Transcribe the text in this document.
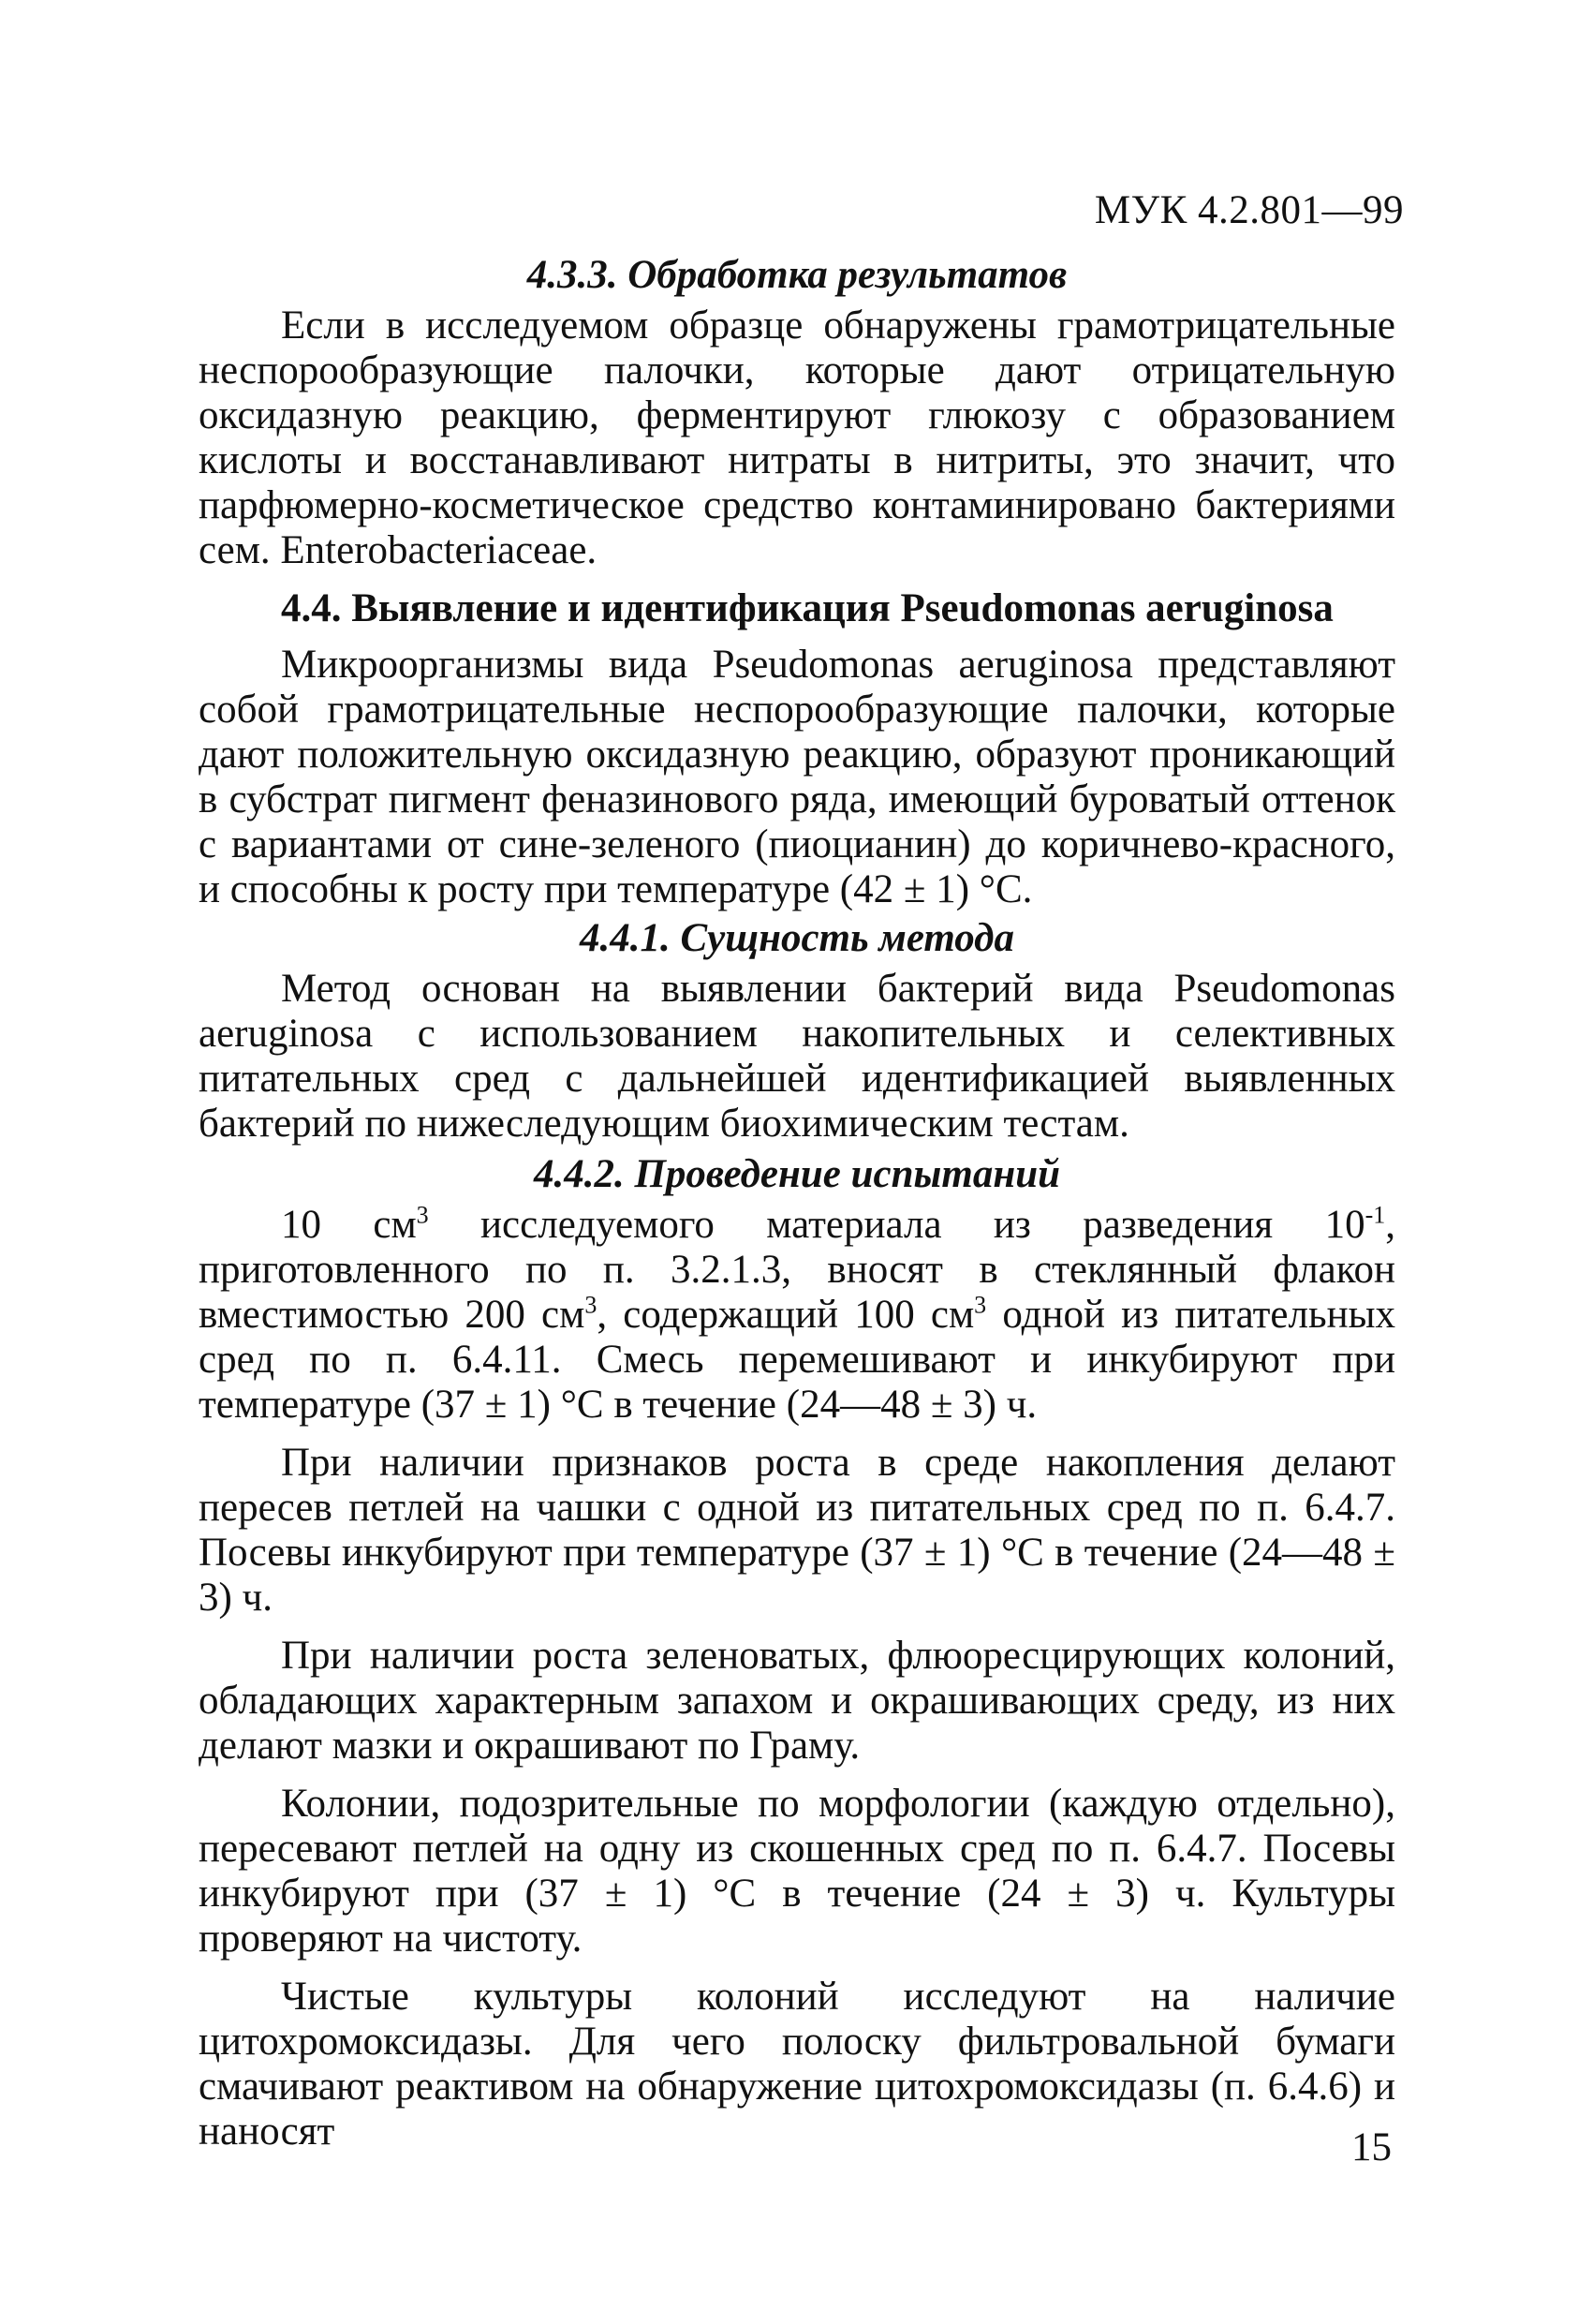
МУК 4.2.801—99

4.3.3. Обработка результатов

Если в исследуемом образце обнаружены грамотрицательные неспорообразующие палочки, которые дают отрицательную оксидазную реакцию, ферментируют глюкозу с образованием кислоты и восстанавливают нитраты в нитриты, это значит, что парфюмерно-косметическое средство контаминировано бактериями сем. Enterobacteriaceae.

4.4. Выявление и идентификация Pseudomonas aeruginosa

Микроорганизмы вида Pseudomonas aeruginosa представляют собой грамотрицательные неспорообразующие палочки, которые дают положительную оксидазную реакцию, образуют проникающий в субстрат пигмент феназинового ряда, имеющий буроватый оттенок с вариантами от сине-зеленого (пиоцианин) до коричнево-красного, и способны к росту при температуре (42 ± 1) °С.

4.4.1. Сущность метода

Метод основан на выявлении бактерий вида Pseudomonas aeruginosa с использованием накопительных и селективных питательных сред с дальнейшей идентификацией выявленных бактерий по нижеследующим биохимическим тестам.

4.4.2. Проведение испытаний

10 $см^3$ исследуемого материала из разведения $10^{-1}$, приготовленного по п. 3.2.1.3, вносят в стеклянный флакон вместимостью 200 $см^3$, содержащий 100 $см^3$ одной из питательных сред по п. 6.4.11. Смесь перемешивают и инкубируют при температуре (37 ± 1) °С в течение (24—48 ± 3) ч.

При наличии признаков роста в среде накопления делают пересев петлей на чашки с одной из питательных сред по п. 6.4.7. Посевы инкубируют при температуре (37 ± 1) °С в течение (24—48 ± 3) ч.

При наличии роста зеленоватых, флюоресцирующих колоний, обладающих характерным запахом и окрашивающих среду, из них делают мазки и окрашивают по Граму.

Колонии, подозрительные по морфологии (каждую отдельно), пересевают петлей на одну из скошенных сред по п. 6.4.7. Посевы инкубируют при (37 ± 1) °С в течение (24 ± 3) ч. Культуры проверяют на чистоту.

Чистые культуры колоний исследуют на наличие цитохромоксидазы. Для чего полоску фильтровальной бумаги смачивают реактивом на обнаружение цитохромоксидазы (п. 6.4.6) и наносят	15
